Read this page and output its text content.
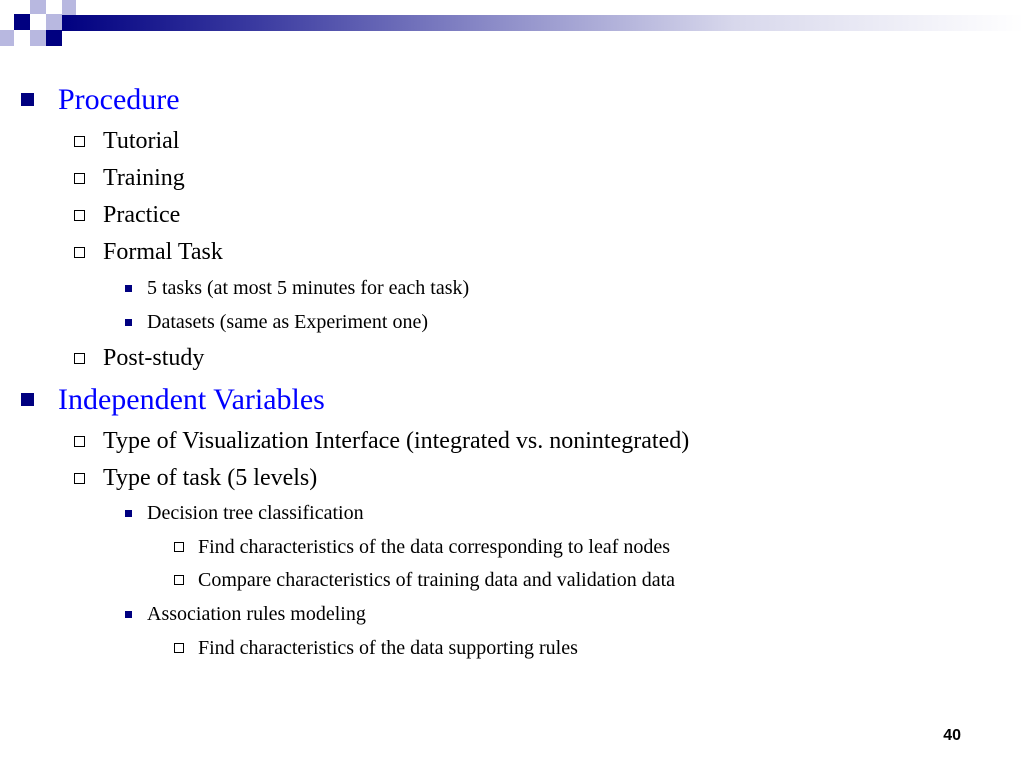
Procedure
Tutorial
Training
Practice
Formal Task
5 tasks (at most 5 minutes for each task)
Datasets (same as Experiment one)
Post-study
Independent Variables
Type of Visualization Interface (integrated vs. nonintegrated)
Type of task (5 levels)
Decision tree classification
Find characteristics of the data corresponding to leaf nodes
Compare characteristics of training data and validation data
Association rules modeling
Find characteristics of the data supporting rules
40
